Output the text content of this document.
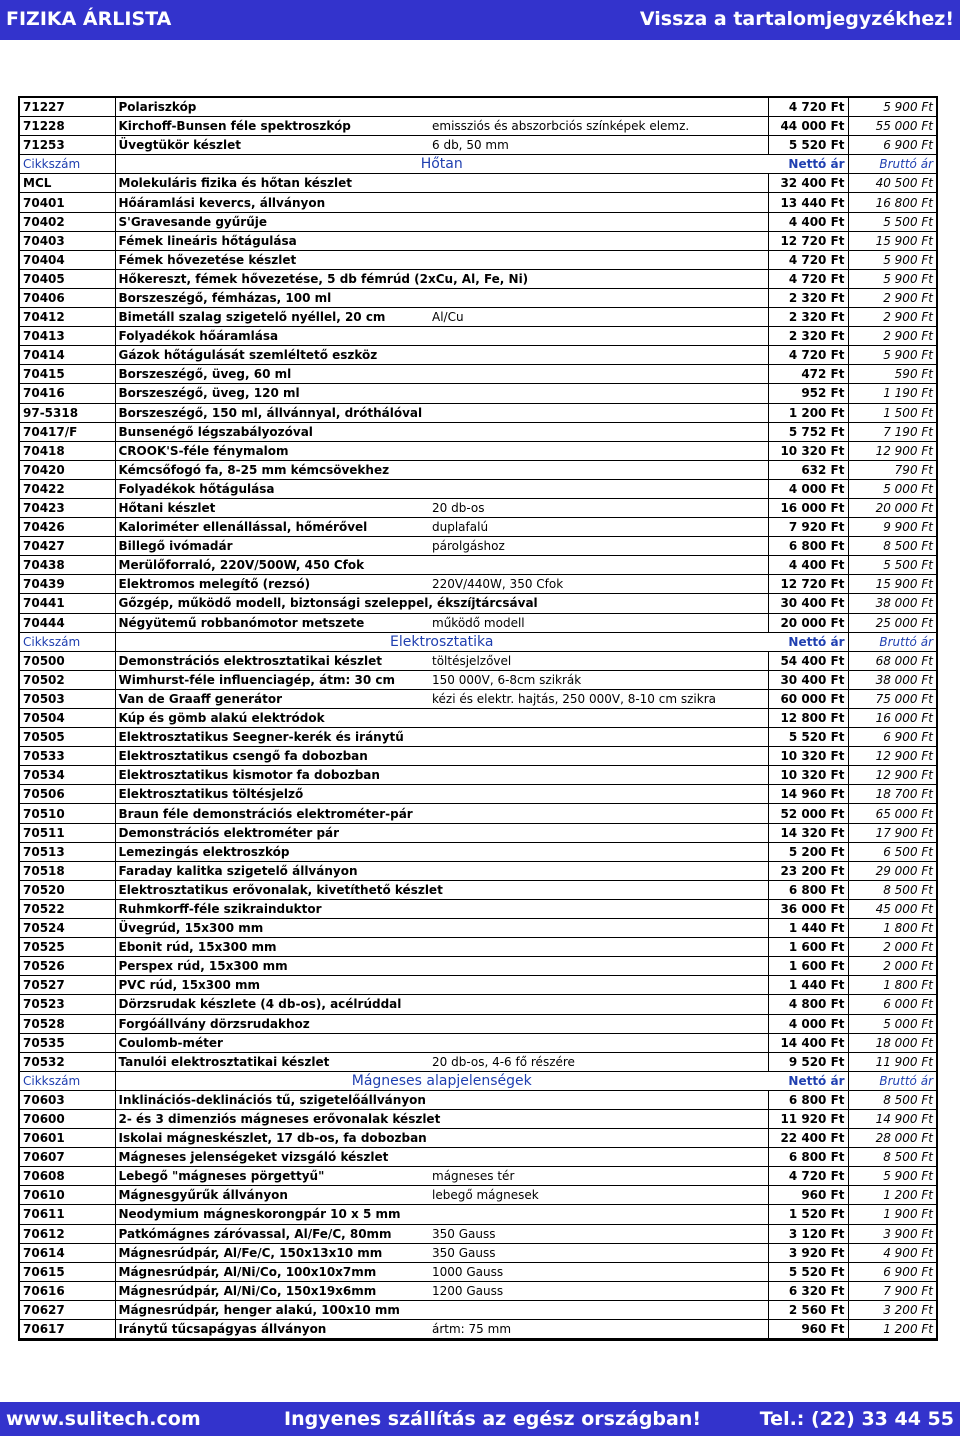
FIZIKA ÁRLISTA	Vissza a tartalomjegyzékhez!
71227	Polariszkóp		4 720 Ft	5 900 Ft
71228	Kirchoff-Bunsen féle spektroszkóp	emissziós és abszorbciós színképek elemz.	44 000 Ft	55 000 Ft
71253	Üvegtükör készlet	6 db, 50 mm	5 520 Ft	6 900 Ft
Cikkszám	Hőtan		Nettó ár	Bruttó ár
MCL	Molekuláris fizika és hőtan készlet		32 400 Ft	40 500 Ft
70401	Hőáramlási kevercs, állványon		13 440 Ft	16 800 Ft
70402	S'Gravesande gyűrűje		4 400 Ft	5 500 Ft
70403	Fémek lineáris hőtágulása		12 720 Ft	15 900 Ft
70404	Fémek hővezetése készlet		4 720 Ft	5 900 Ft
70405	Hőkereszt, fémek hővezetése, 5 db fémrúd (2xCu, Al, Fe, Ni)		4 720 Ft	5 900 Ft
70406	Borszeszégő, fémházas, 100 ml		2 320 Ft	2 900 Ft
70412	Bimetáll szalag szigetelő nyéllel, 20 cm	Al/Cu	2 320 Ft	2 900 Ft
70413	Folyadékok hőáramlása		2 320 Ft	2 900 Ft
70414	Gázok hőtágulását szemléltető eszköz		4 720 Ft	5 900 Ft
70415	Borszeszégő, üveg, 60 ml		472 Ft	590 Ft
70416	Borszeszégő, üveg, 120 ml		952 Ft	1 190 Ft
97-5318	Borszeszégő, 150 ml, állvánnyal, dróthálóval		1 200 Ft	1 500 Ft
70417/F	Bunsenégő légszabályozóval		5 752 Ft	7 190 Ft
70418	CROOK'S-féle fénymalom		10 320 Ft	12 900 Ft
70420	Kémcsőfogó fa, 8-25 mm kémcsövekhez		632 Ft	790 Ft
70422	Folyadékok hőtágulása		4 000 Ft	5 000 Ft
70423	Hőtani készlet	20 db-os	16 000 Ft	20 000 Ft
70426	Kaloriméter ellenállással, hőmérővel	duplafalú	7 920 Ft	9 900 Ft
70427	Billegő ivómadár	párolgáshoz	6 800 Ft	8 500 Ft
70438	Merülőforraló, 220V/500W, 450 Cfok		4 400 Ft	5 500 Ft
70439	Elektromos melegítő (rezsó)	220V/440W, 350 Cfok	12 720 Ft	15 900 Ft
70441	Gőzgép, működő modell, biztonsági szeleppel, ékszíjtárcsával		30 400 Ft	38 000 Ft
70444	Négyütemű robbanómotor metszete	működő modell	20 000 Ft	25 000 Ft
Cikkszám	Elektrosztatika		Nettó ár	Bruttó ár
70500	Demonstrációs elektrosztatikai készlet	töltésjelzővel	54 400 Ft	68 000 Ft
70502	Wimhurst-féle influenciagép, átm: 30 cm	150 000V, 6-8cm szikrák	30 400 Ft	38 000 Ft
70503	Van de Graaff generátor	kézi és elektr. hajtás, 250 000V, 8-10 cm szikra	60 000 Ft	75 000 Ft
70504	Kúp és gömb alakú elektródok		12 800 Ft	16 000 Ft
70505	Elektrosztatikus Seegner-kerék és iránytű		5 520 Ft	6 900 Ft
70533	Elektrosztatikus csengő fa dobozban		10 320 Ft	12 900 Ft
70534	Elektrosztatikus kismotor fa dobozban		10 320 Ft	12 900 Ft
70506	Elektrosztatikus töltésjelző		14 960 Ft	18 700 Ft
70510	Braun féle demonstrációs elektrométer-pár		52 000 Ft	65 000 Ft
70511	Demonstrációs elektrométer pár		14 320 Ft	17 900 Ft
70513	Lemezingás elektroszkóp		5 200 Ft	6 500 Ft
70518	Faraday kalitka szigetelő állványon		23 200 Ft	29 000 Ft
70520	Elektrosztatikus erővonalak, kivetíthető készlet		6 800 Ft	8 500 Ft
70522	Ruhmkorff-féle szikrainduktor		36 000 Ft	45 000 Ft
70524	Üvegrúd, 15x300 mm		1 440 Ft	1 800 Ft
70525	Ebonit rúd, 15x300 mm		1 600 Ft	2 000 Ft
70526	Perspex rúd, 15x300 mm		1 600 Ft	2 000 Ft
70527	PVC rúd, 15x300 mm		1 440 Ft	1 800 Ft
70523	Dörzsrudak készlete (4 db-os), acélrúddal		4 800 Ft	6 000 Ft
70528	Forgóállvány dörzsrudakhoz		4 000 Ft	5 000 Ft
70535	Coulomb-méter		14 400 Ft	18 000 Ft
70532	Tanulói elektrosztatikai készlet	20 db-os, 4-6 fő részére	9 520 Ft	11 900 Ft
Cikkszám	Mágneses alapjelenségek		Nettó ár	Bruttó ár
70603	Inklinációs-deklinációs tű, szigetelőállványon		6 800 Ft	8 500 Ft
70600	2- és 3 dimenziós mágneses erővonalak készlet		11 920 Ft	14 900 Ft
70601	Iskolai mágneskészlet, 17 db-os, fa dobozban		22 400 Ft	28 000 Ft
70607	Mágneses jelenségeket vizsgáló készlet		6 800 Ft	8 500 Ft
70608	Lebegő "mágneses pörgettyű"	mágneses tér	4 720 Ft	5 900 Ft
70610	Mágnesgyűrűk állványon	lebegő mágnesek	960 Ft	1 200 Ft
70611	Neodymium mágneskorongpár 10 x 5 mm		1 520 Ft	1 900 Ft
70612	Patkómágnes záróvassal, Al/Fe/C, 80mm	350 Gauss	3 120 Ft	3 900 Ft
70614	Mágnesrúdpár, Al/Fe/C, 150x13x10 mm	350 Gauss	3 920 Ft	4 900 Ft
70615	Mágnesrúdpár, Al/Ni/Co, 100x10x7mm	1000 Gauss	5 520 Ft	6 900 Ft
70616	Mágnesrúdpár, Al/Ni/Co, 150x19x6mm	1200 Gauss	6 320 Ft	7 900 Ft
70627	Mágnesrúdpár, henger alakú, 100x10 mm		2 560 Ft	3 200 Ft
70617	Iránytű tűcsapágyas állványon	ártm: 75 mm	960 Ft	1 200 Ft
www.sulitech.com	Ingyenes szállítás az egész országban!	Tel.: (22) 33 44 55
